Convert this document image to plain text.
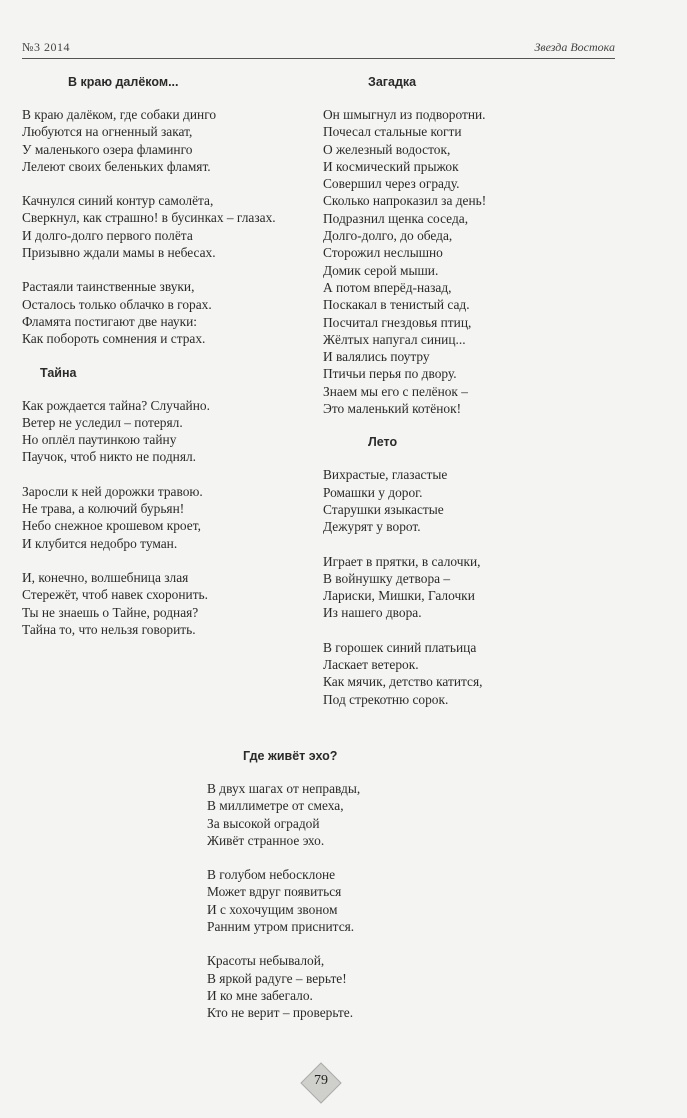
№3 2014	Звезда Востока
В краю далёком...
В краю далёком, где собаки динго
Любуются на огненный закат,
У маленького озера фламинго
Лелеют своих беленьких фламят.
Качнулся синий контур самолёта,
Сверкнул, как страшно! в бусинках – глазах.
И долго-долго первого полёта
Призывно ждали мамы в небесах.
Растаяли таинственные звуки,
Осталось только облачко в горах.
Фламята постигают две науки:
Как побороть сомнения и страх.
Тайна
Как рождается тайна? Случайно.
Ветер не уследил – потерял.
Но оплёл паутинкою тайну
Паучок, чтоб никто не поднял.
Заросли к ней дорожки травою.
Не трава, а колючий бурьян!
Небо снежное крошевом кроет,
И клубится недобро туман.
И, конечно, волшебница злая
Стережёт, чтоб навек схоронить.
Ты не знаешь о Тайне, родная?
Тайна то, что нельзя говорить.
Загадка
Он шмыгнул из подворотни.
Почесал стальные когти
О железный водосток,
И космический прыжок
Совершил через ограду.
Сколько напроказил за день!
Подразнил щенка соседа,
Долго-долго, до обеда,
Сторожил неслышно
Домик серой мыши.
А потом вперёд-назад,
Поскакал в тенистый сад.
Посчитал гнездовья птиц,
Жёлтых напугал синиц...
И валялись поутру
Птичьи перья по двору.
Знаем мы его с пелёнок –
Это маленький котёнок!
Лето
Вихрастые, глазастые
Ромашки у дорог.
Старушки языкастые
Дежурят у ворот.
Играет в прятки, в салочки,
В войнушку детвора –
Лариски, Мишки, Галочки
Из нашего двора.
В горошек синий платьица
Ласкает ветерок.
Как мячик, детство катится,
Под стрекотню сорок.
Где живёт эхо?
В двух шагах от неправды,
В миллиметре от смеха,
За высокой оградой
Живёт странное эхо.
В голубом небосклоне
Может вдруг появиться
И с хохочущим звоном
Ранним утром приснится.
Красоты небывалой,
В яркой радуге – верьте!
И ко мне забегало.
Кто не верит – проверьте.
79
